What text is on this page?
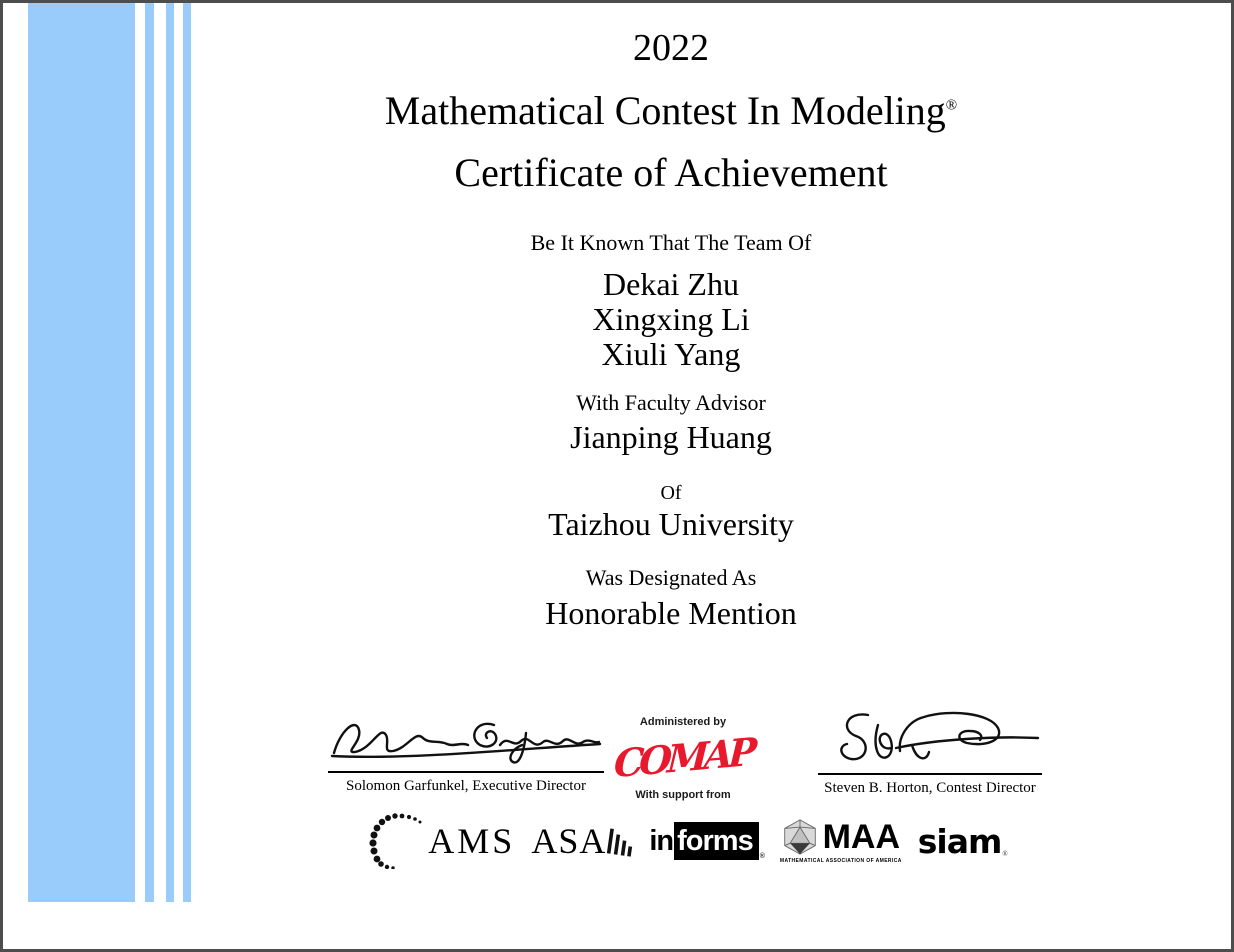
2022
Mathematical Contest In Modeling®
Certificate of Achievement
Be It Known That The Team Of
Dekai Zhu
Xingxing Li
Xiuli Yang
With Faculty Advisor
Jianping Huang
Of
Taizhou University
Was Designated As
Honorable Mention
Solomon Garfunkel, Executive Director
Administered by
COMAP
With support from	Steven B. Horton, Contest Director
AMS ASA in forms	®
MAA
MATHEMATICAL ASSOCIATION OF AMERICA
siam ®
